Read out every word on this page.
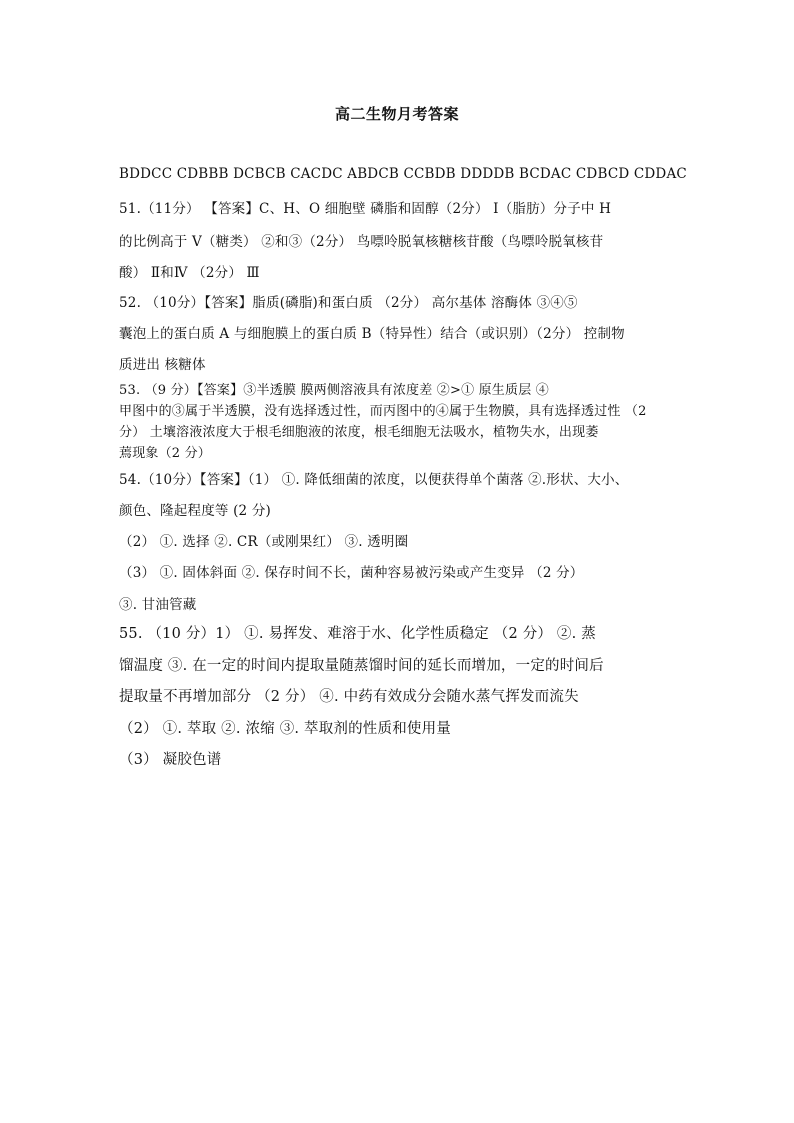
高二生物月考答案
BDDCC CDBBB DCBCB CACDC ABDCB CCBDB DDDDB BCDAC CDBCD CDDAC
51.（11分） 【答案】C、H、O 细胞壁 磷脂和固醇（2分） Ⅰ（脂肪）分子中 H
的比例高于 V（糖类） ②和③（2分） 鸟嘌呤脱氧核糖核苷酸（鸟嘌呤脱氧核苷
酸） Ⅱ和Ⅳ （2分） Ⅲ
52. （10分）【答案】脂质(磷脂)和蛋白质 （2分） 高尔基体 溶酶体 ③④⑤
囊泡上的蛋白质 A 与细胞膜上的蛋白质 B（特异性）结合（或识别）（2分） 控制物
质进出 核糖体
53. （9 分）【答案】③半透膜 膜两侧溶液具有浓度差 ②>① 原生质层 ④
甲图中的③属于半透膜，没有选择透过性，而丙图中的④属于生物膜，具有选择透过性 （2
分） 土壤溶液浓度大于根毛细胞液的浓度，根毛细胞无法吸水，植物失水，出现萎
蔫现象（2 分）
54.（10分）【答案】（1） ①. 降低细菌的浓度，以便获得单个菌落 ②.形状、大小、
颜色、隆起程度等 (2 分)
（2） ①. 选择 ②. CR（或刚果红） ③. 透明圈
（3） ①. 固体斜面 ②. 保存时间不长，菌种容易被污染或产生变异 （2 分）
③. 甘油管藏
55. （10 分）1） ①. 易挥发、难溶于水、化学性质稳定 （2 分） ②. 蒸
馏温度 ③. 在一定的时间内提取量随蒸馏时间的延长而增加，一定的时间后
提取量不再增加部分 （2 分） ④. 中药有效成分会随水蒸气挥发而流失
（2） ①. 萃取 ②. 浓缩 ③. 萃取剂的性质和使用量
（3） 凝胶色谱
